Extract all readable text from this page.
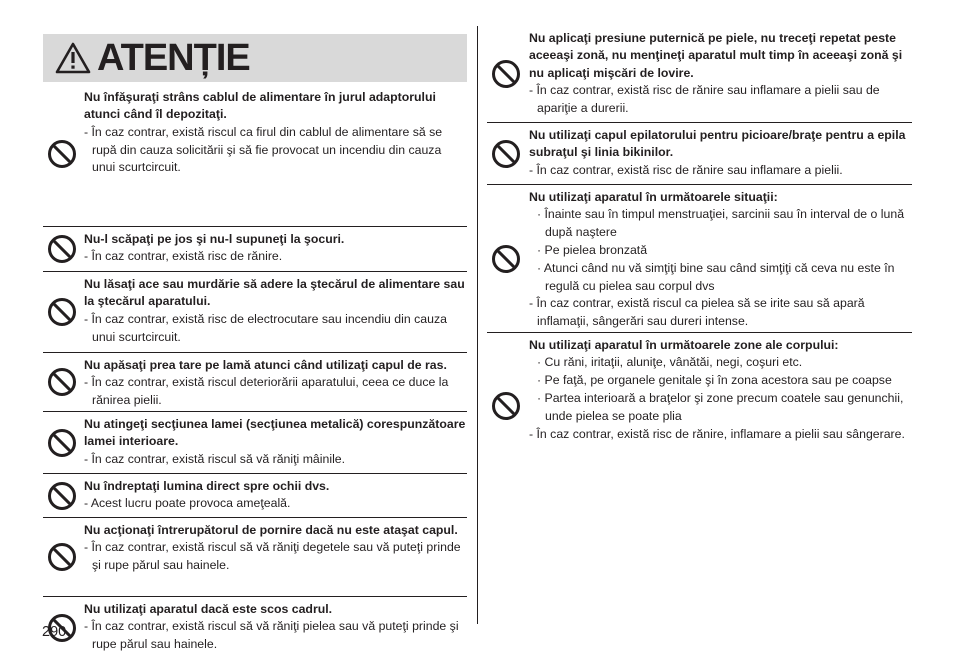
ATENȚIE
Nu înfăşuraţi strâns cablul de alimentare în jurul adaptorului atunci când îl depozitaţi.
- În caz contrar, există riscul ca firul din cablul de alimentare să se rupă din cauza solicitării şi să fie provocat un incendiu din cauza unui scurtcircuit.
Nu-l scăpaţi pe jos şi nu-l supuneţi la şocuri.
- În caz contrar, există risc de rănire.
Nu lăsaţi ace sau murdărie să adere la ştecărul de alimentare sau la ştecărul aparatului.
- În caz contrar, există risc de electrocutare sau incendiu din cauza unui scurtcircuit.
Nu apăsaţi prea tare pe lamă atunci când utilizaţi capul de ras.
- În caz contrar, există riscul deteriorării aparatului, ceea ce duce la rănirea pielii.
Nu atingeţi secţiunea lamei (secţiunea metalică) corespunzătoare lamei interioare.
- În caz contrar, există riscul să vă răniţi mâinile.
Nu îndreptaţi lumina direct spre ochii dvs.
- Acest lucru poate provoca ameţeală.
Nu acţionaţi întrerupătorul de pornire dacă nu este ataşat capul.
- În caz contrar, există riscul să vă răniţi degetele sau vă puteţi prinde şi rupe părul sau hainele.
Nu utilizaţi aparatul dacă este scos cadrul.
- În caz contrar, există riscul să vă răniţi pielea sau vă puteţi prinde şi rupe părul sau hainele.
Nu aplicaţi presiune puternică pe piele, nu treceţi repetat peste aceeaşi zonă, nu menţineţi aparatul mult timp în aceeaşi zonă şi nu aplicaţi mişcări de lovire.
- În caz contrar, există risc de rănire sau inflamare a pielii sau de apariţie a durerii.
Nu utilizaţi capul epilatorului pentru picioare/braţe pentru a epila subraţul şi linia bikinilor.
- În caz contrar, există risc de rănire sau inflamare a pielii.
Nu utilizaţi aparatul în următoarele situaţii:
· Înainte sau în timpul menstruaţiei, sarcinii sau în interval de o lună după naştere
· Pe pielea bronzată
· Atunci când nu vă simţiţi bine sau când simţiţi că ceva nu este în regulă cu pielea sau corpul dvs
- În caz contrar, există riscul ca pielea să se irite sau să apară inflamaţii, sângerări sau dureri intense.
Nu utilizaţi aparatul în următoarele zone ale corpului:
· Cu răni, iritaţii, aluniţe, vânătăi, negi, coşuri etc.
· Pe faţă, pe organele genitale şi în zona acestora sau pe coapse
· Partea interioară a braţelor şi zone precum coatele sau genunchii, unde pielea se poate plia
- În caz contrar, există risc de rănire, inflamare a pielii sau sângerare.
290
